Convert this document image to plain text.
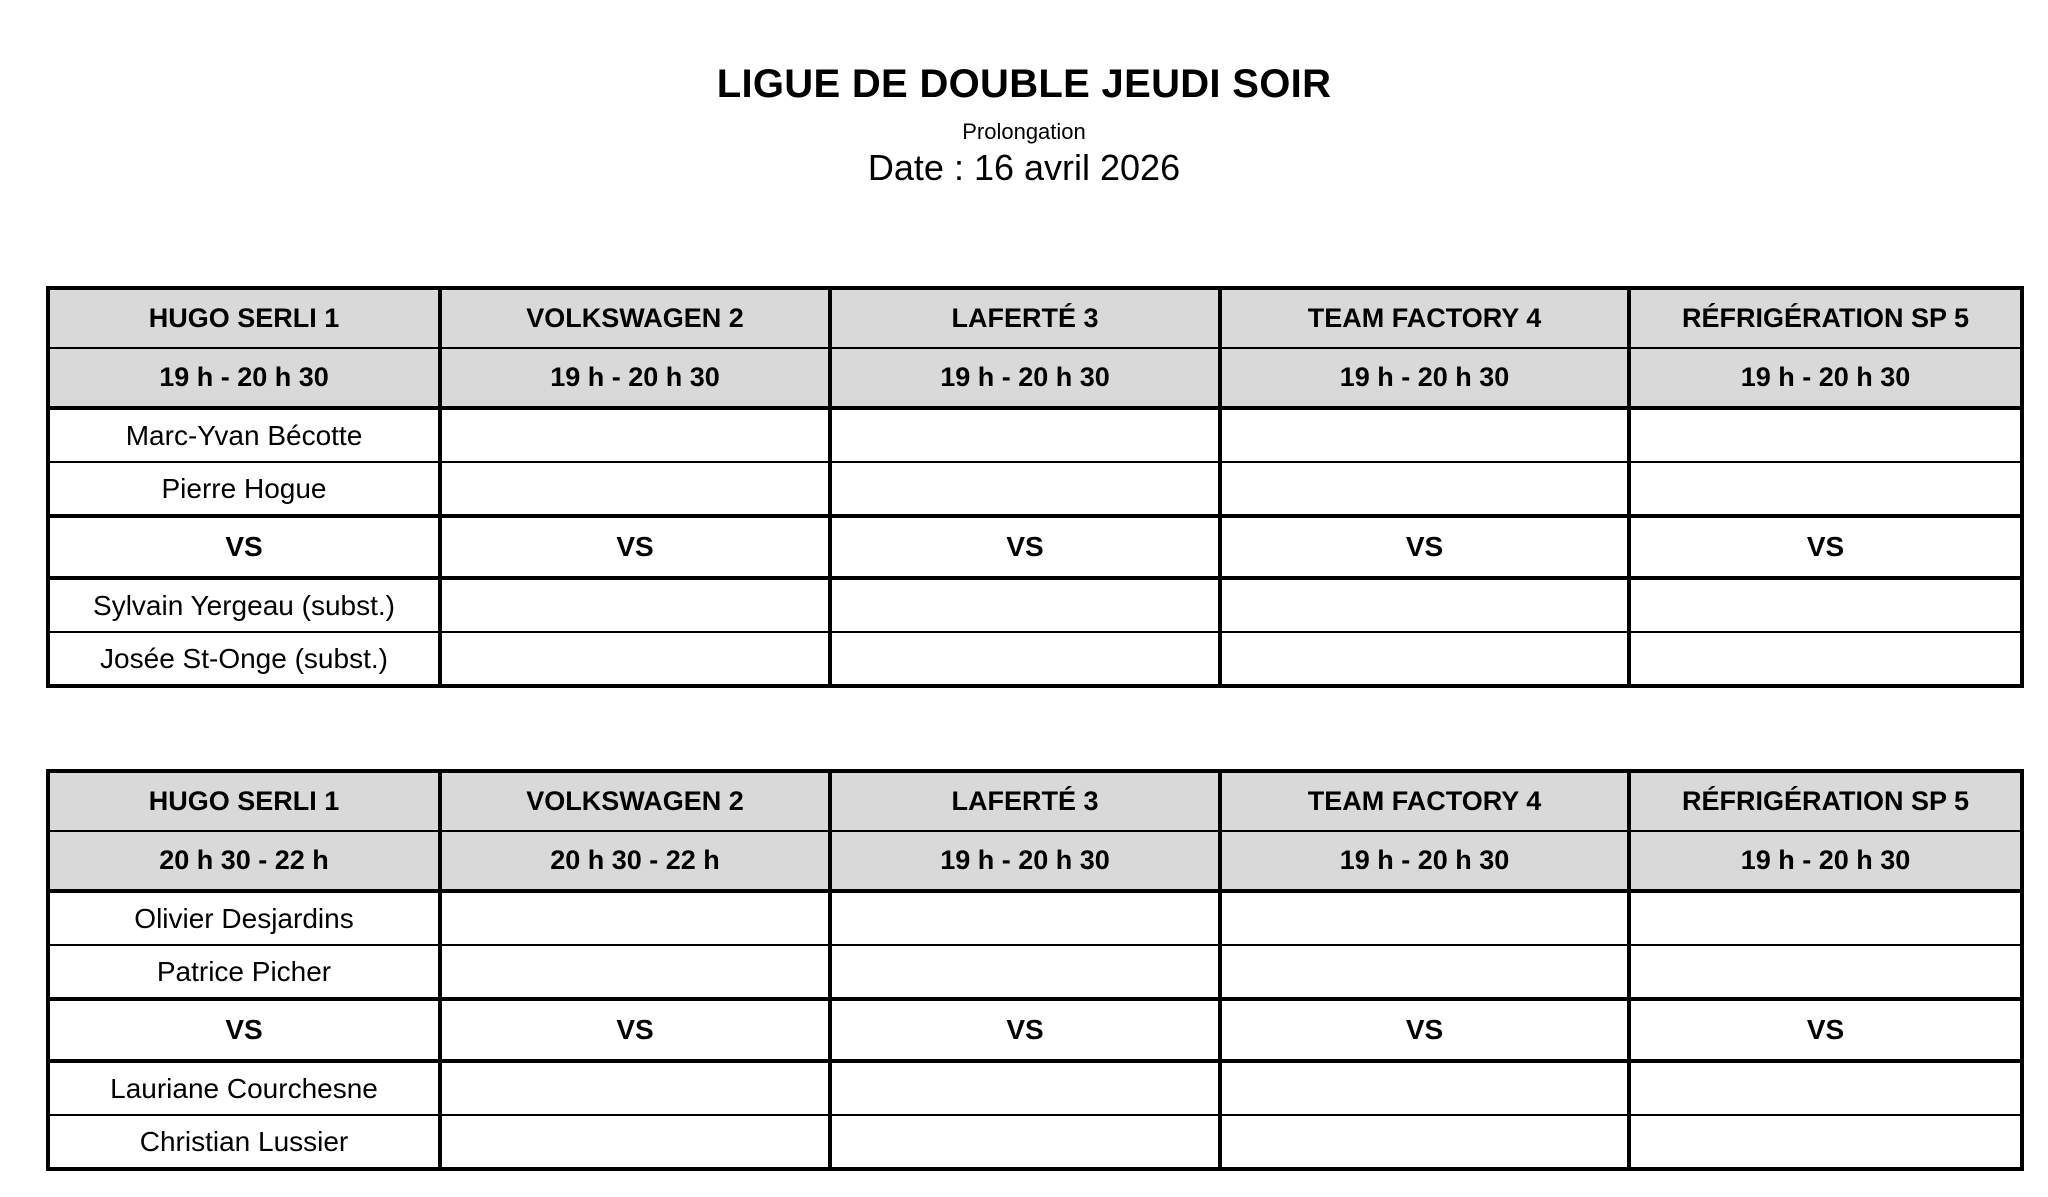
LIGUE DE DOUBLE JEUDI SOIR
Prolongation
Date : 16 avril 2026
HUGO SERLI 1	VOLKSWAGEN 2	LAFERTÉ 3	TEAM FACTORY 4	RÉFRIGÉRATION SP 5
19 h - 20 h 30	19 h - 20 h 30	19 h - 20 h 30	19 h - 20 h 30	19 h - 20 h 30
Marc-Yvan Bécotte				
Pierre Hogue				
VS	VS	VS	VS	VS
Sylvain Yergeau (subst.)				
Josée St-Onge (subst.)				
HUGO SERLI 1	VOLKSWAGEN 2	LAFERTÉ 3	TEAM FACTORY 4	RÉFRIGÉRATION SP 5
20 h 30 - 22 h	20 h 30 - 22 h	19 h - 20 h 30	19 h - 20 h 30	19 h - 20 h 30
Olivier Desjardins				
Patrice Picher				
VS	VS	VS	VS	VS
Lauriane Courchesne				
Christian Lussier				
